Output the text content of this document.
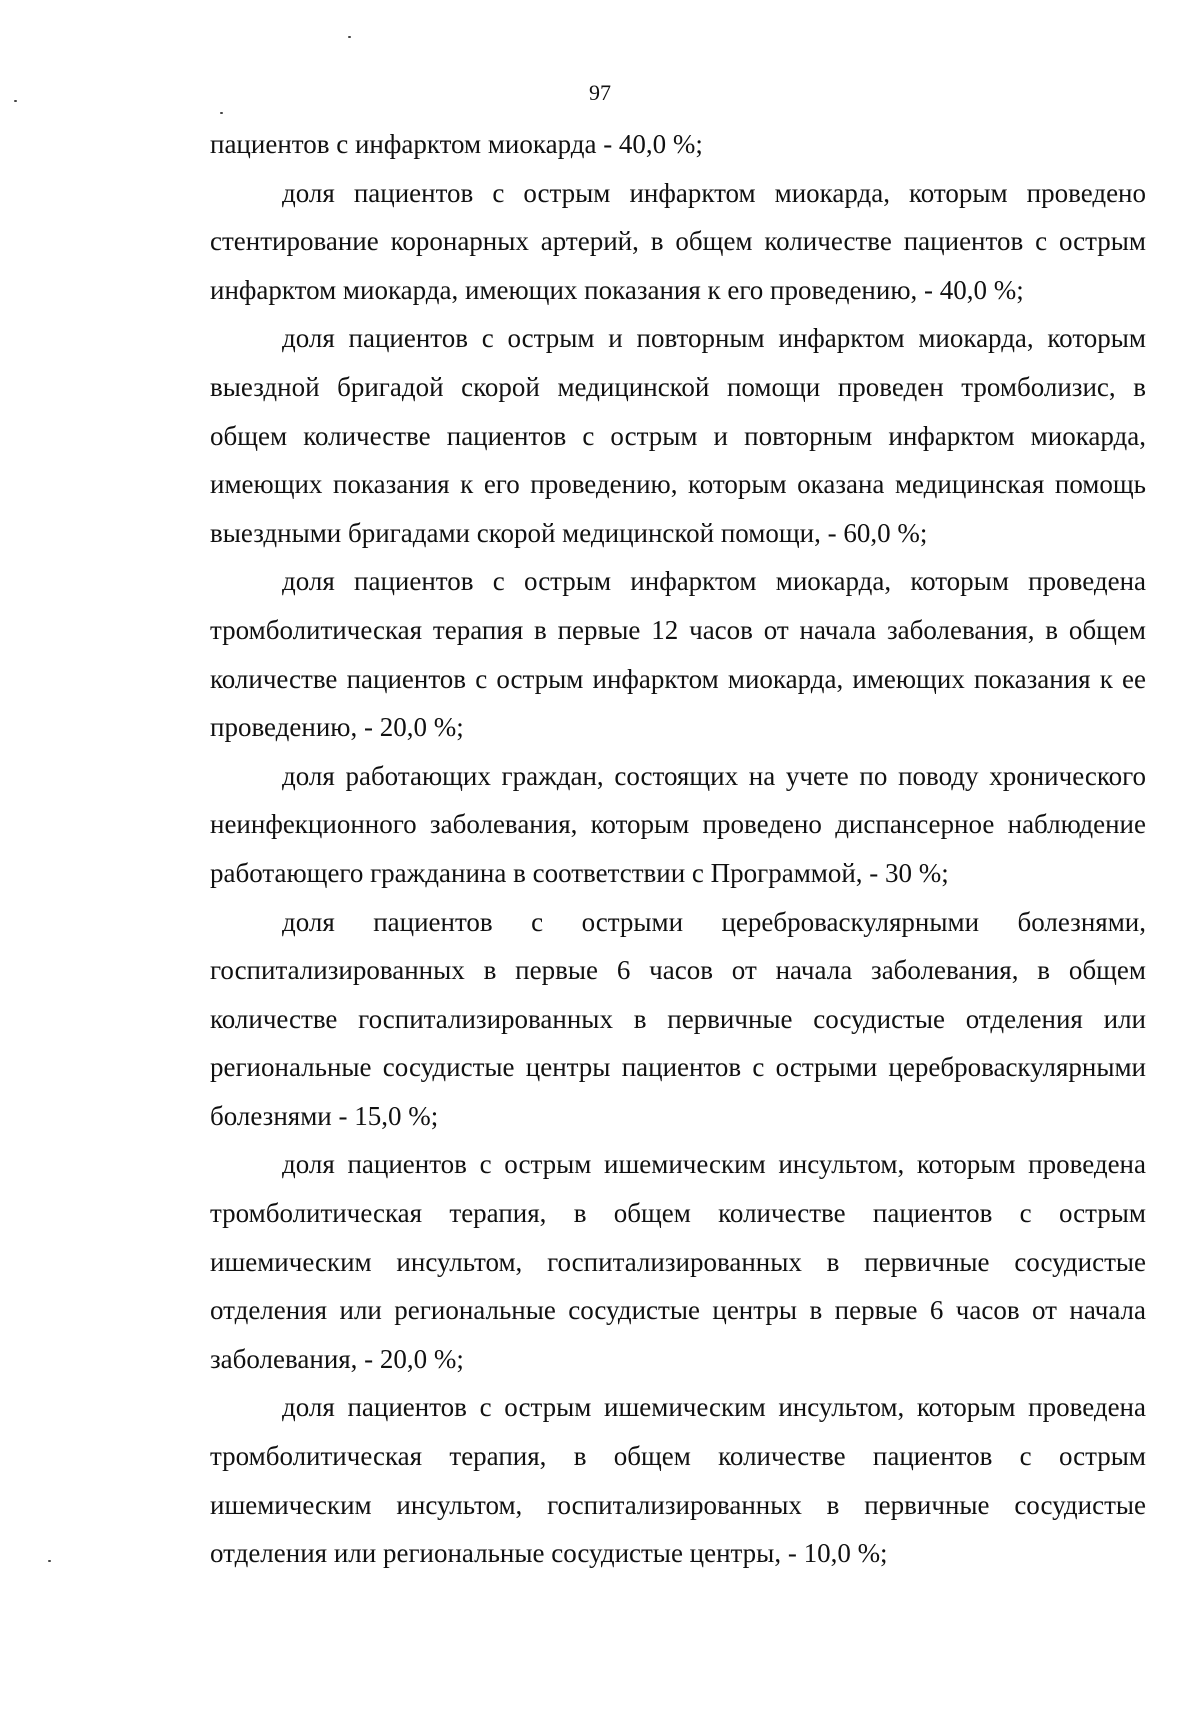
97

пациентов с инфарктом миокарда - 40,0 %;

доля пациентов с острым инфарктом миокарда, которым проведено стентирование коронарных артерий, в общем количестве пациентов с острым инфарктом миокарда, имеющих показания к его проведению, - 40,0 %;

доля пациентов с острым и повторным инфарктом миокарда, которым выездной бригадой скорой медицинской помощи проведен тромболизис, в общем количестве пациентов с острым и повторным инфарктом миокарда, имеющих показания к его проведению, которым оказана медицинская помощь выездными бригадами скорой медицинской помощи, - 60,0 %;

доля пациентов с острым инфарктом миокарда, которым проведена тромболитическая терапия в первые 12 часов от начала заболевания, в общем количестве пациентов с острым инфарктом миокарда, имеющих показания к ее проведению, - 20,0 %;

доля работающих граждан, состоящих на учете по поводу хронического неинфекционного заболевания, которым проведено диспансерное наблюдение работающего гражданина в соответствии с Программой, - 30 %;

доля пациентов с острыми цереброваскулярными болезнями, госпитализированных в первые 6 часов от начала заболевания, в общем количестве госпитализированных в первичные сосудистые отделения или региональные сосудистые центры пациентов с острыми цереброваскулярными болезнями - 15,0 %;

доля пациентов с острым ишемическим инсультом, которым проведена тромболитическая терапия, в общем количестве пациентов с острым ишемическим инсультом, госпитализированных в первичные сосудистые отделения или региональные сосудистые центры в первые 6 часов от начала заболевания, - 20,0 %;

доля пациентов с острым ишемическим инсультом, которым проведена тромболитическая терапия, в общем количестве пациентов с острым ишемическим инсультом, госпитализированных в первичные сосудистые отделения или региональные сосудистые центры, - 10,0 %;
